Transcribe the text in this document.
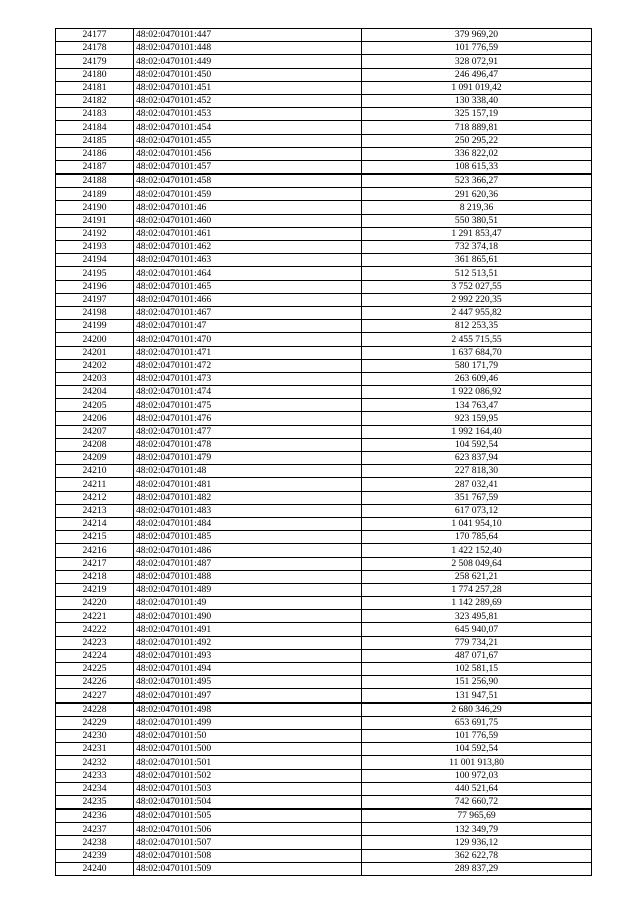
24177	48:02:0470101:447	379 969,20
24178	48:02:0470101:448	101 776,59
24179	48:02:0470101:449	328 072,91
24180	48:02:0470101:450	246 496,47
24181	48:02:0470101:451	1 091 019,42
24182	48:02:0470101:452	130 338,40
24183	48:02:0470101:453	325 157,19
24184	48:02:0470101:454	718 889,81
24185	48:02:0470101:455	250 295,22
24186	48:02:0470101:456	336 822,02
24187	48:02:0470101:457	108 615,33
24188	48:02:0470101:458	523 366,27
24189	48:02:0470101:459	291 620,36
24190	48:02:0470101:46	8 219,36
24191	48:02:0470101:460	550 380,51
24192	48:02:0470101:461	1 291 853,47
24193	48:02:0470101:462	732 374,18
24194	48:02:0470101:463	361 865,61
24195	48:02:0470101:464	512 513,51
24196	48:02:0470101:465	3 752 027,55
24197	48:02:0470101:466	2 992 220,35
24198	48:02:0470101:467	2 447 955,82
24199	48:02:0470101:47	812 253,35
24200	48:02:0470101:470	2 455 715,55
24201	48:02:0470101:471	1 637 684,70
24202	48:02:0470101:472	580 171,79
24203	48:02:0470101:473	263 609,46
24204	48:02:0470101:474	1 922 086,92
24205	48:02:0470101:475	134 763,47
24206	48:02:0470101:476	923 159,95
24207	48:02:0470101:477	1 992 164,40
24208	48:02:0470101:478	104 592,54
24209	48:02:0470101:479	623 837,94
24210	48:02:0470101:48	227 818,30
24211	48:02:0470101:481	287 032,41
24212	48:02:0470101:482	351 767,59
24213	48:02:0470101:483	617 073,12
24214	48:02:0470101:484	1 041 954,10
24215	48:02:0470101:485	170 785,64
24216	48:02:0470101:486	1 422 152,40
24217	48:02:0470101:487	2 508 049,64
24218	48:02:0470101:488	258 621,21
24219	48:02:0470101:489	1 774 257,28
24220	48:02:0470101:49	1 142 289,69
24221	48:02:0470101:490	323 495,81
24222	48:02:0470101:491	645 940,07
24223	48:02:0470101:492	779 734,21
24224	48:02:0470101:493	487 071,67
24225	48:02:0470101:494	102 581,15
24226	48:02:0470101:495	151 256,90
24227	48:02:0470101:497	131 947,51
24228	48:02:0470101:498	2 680 346,29
24229	48:02:0470101:499	653 691,75
24230	48:02:0470101:50	101 776,59
24231	48:02:0470101:500	104 592,54
24232	48:02:0470101:501	11 001 913,80
24233	48:02:0470101:502	100 972,03
24234	48:02:0470101:503	440 521,64
24235	48:02:0470101:504	742 660,72
24236	48:02:0470101:505	77 965,69
24237	48:02:0470101:506	132 349,79
24238	48:02:0470101:507	129 936,12
24239	48:02:0470101:508	362 622,78
24240	48:02:0470101:509	289 837,29
